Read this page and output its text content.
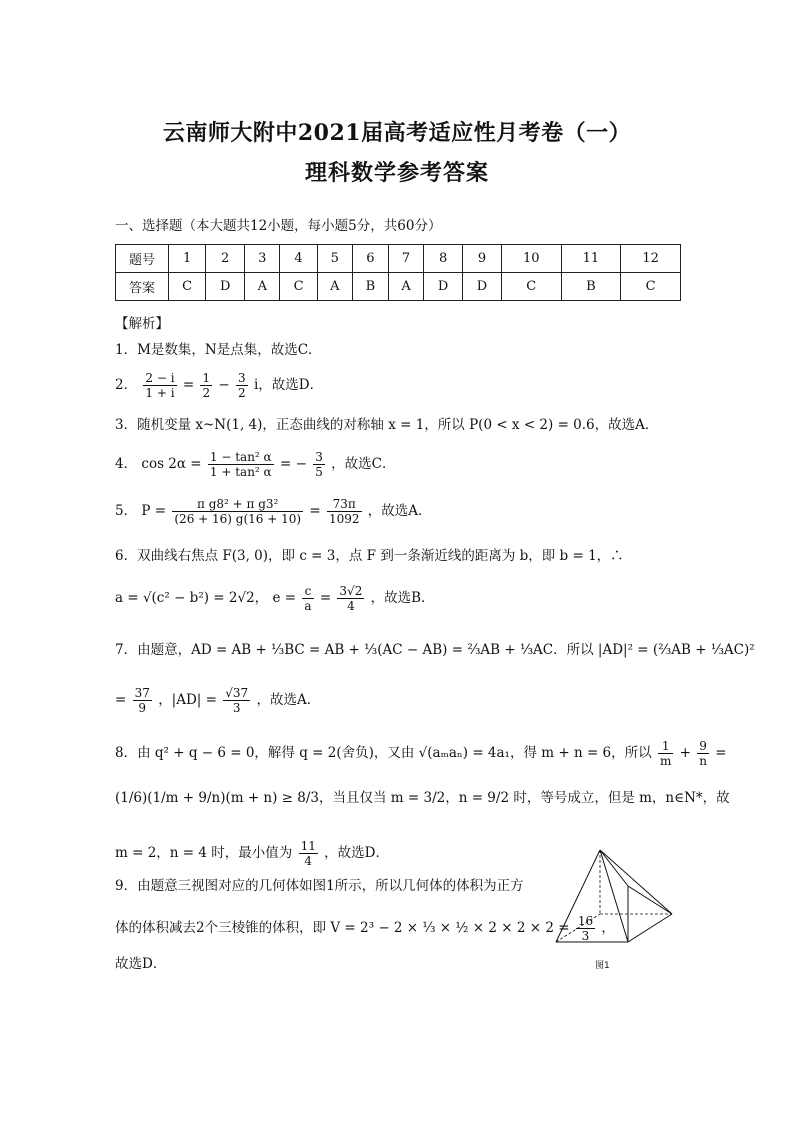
云南师大附中2021届高考适应性月考卷（一）
理科数学参考答案
一、选择题（本大题共12小题，每小题5分，共60分）
题号	1	2	3	4	5	6	7	8	9	10	11	12
答案	C	D	A	C	A	B	A	D	D	C	B	C
【解析】
1．M是数集，N是点集，故选C．
2． $\frac{2 - i}{1 + i} = \frac{1}{2} - \frac{3}{2}$ i，故选D．
3．随机变量 x~N(1, 4)，正态曲线的对称轴 x = 1，所以 P(0 < x < 2) = 0.6，故选A．
4． $\cos 2\alpha = \frac{\text{1 − tan² α}}{\text{1 + tan² α}}$ = − $\frac{3}{5}$ ，故选C．
5． $P = \frac{\text{π g8² + π g3²}}{(26 + 16) g(16 + 10)} = \frac{73\pi}{1092}$ ，故选A．
6．双曲线右焦点 F(3, 0)，即 c = 3，点 F 到一条渐近线的距离为 b，即 b = 1，∴
a = √(c² − b²) = 2√2， $e = \frac{c}{a} = \frac{3√2}{4}$ ，故选B．
7．由题意，AD = AB + ⅓BC = AB + ⅓(AC − AB) = ⅔AB + ⅓AC．所以 |AD|² = (⅔AB + ⅓AC)²
= $\frac{37}{9}$ ，$|AD| = \frac{√37}{3}$ ，故选A．
8．由 q² + q − 6 = 0，解得 q = 2(舍负)，又由 √(aₘaₙ) = 4a₁，得 m + n = 6，所以 $\frac{1}{m} + \frac{9}{n}$ =
(1/6)(1/m + 9/n)(m + n) ≥ 8/3，当且仅当 m = 3/2，n = 9/2 时，等号成立，但是 m，n∈N*，故
m = 2，n = 4 时，最小值为 $\frac{11}{4}$ ，故选D．
9．由题意三视图对应的几何体如图1所示，所以几何体的体积为正方
体的体积减去2个三棱锥的体积，即 V = 2³ − 2 × ⅓ × ½ × $2 \times 2 \times 2 = \frac{16}{3}$ ，
故选D．	图1
